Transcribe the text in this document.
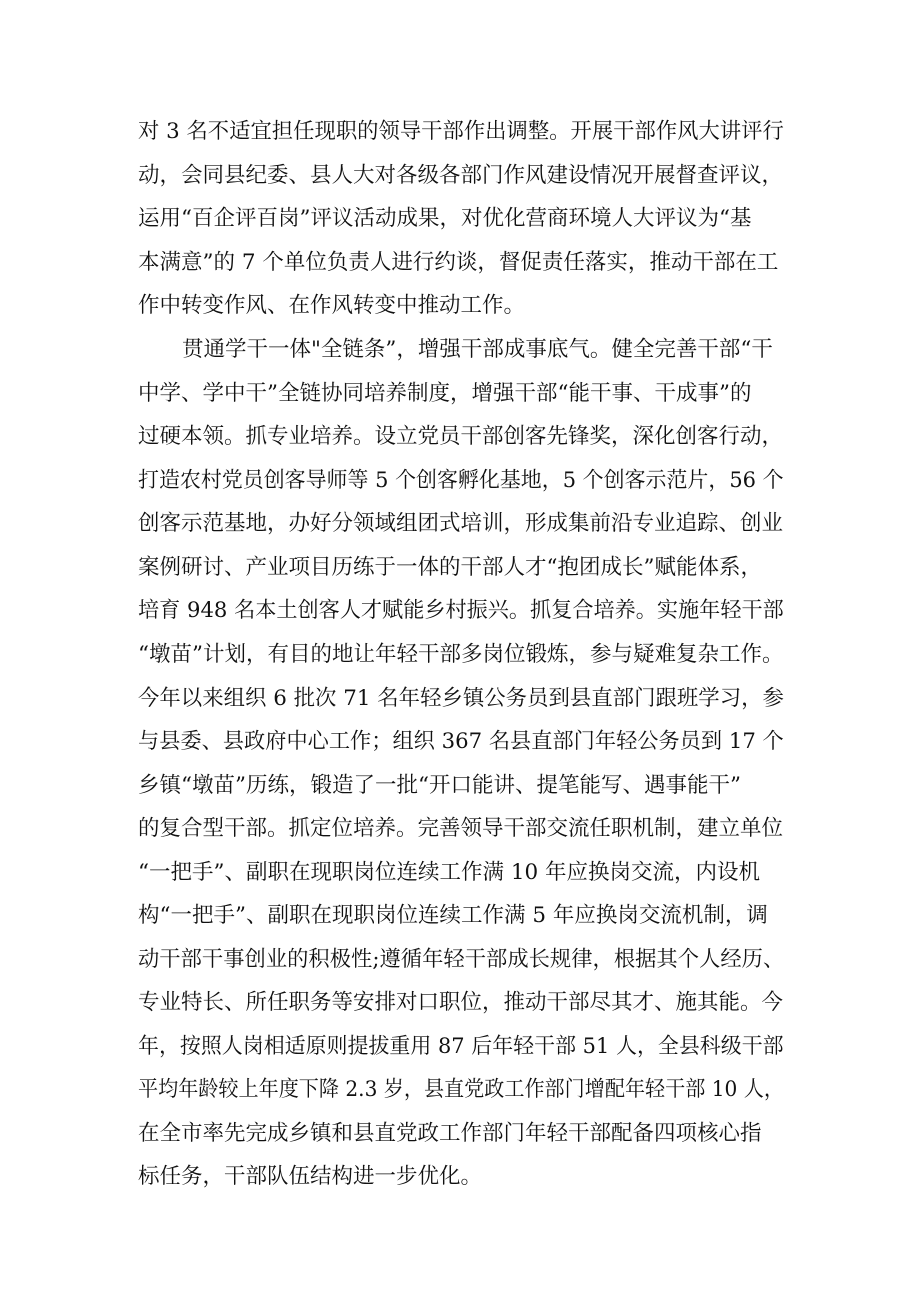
对 3 名不适宜担任现职的领导干部作出调整。开展干部作风大讲评行
动，会同县纪委、县人大对各级各部门作风建设情况开展督查评议，
运用“百企评百岗”评议活动成果，对优化营商环境人大评议为“基
本满意”的 7 个单位负责人进行约谈，督促责任落实，推动干部在工
作中转变作风、在作风转变中推动工作。
贯通学干一体"全链条”，增强干部成事底气。健全完善干部“干
中学、学中干”全链协同培养制度，增强干部“能干事、干成事”的
过硬本领。抓专业培养。设立党员干部创客先锋奖，深化创客行动，
打造农村党员创客导师等 5 个创客孵化基地，5 个创客示范片，56 个
创客示范基地，办好分领域组团式培训，形成集前沿专业追踪、创业
案例研讨、产业项目历练于一体的干部人才“抱团成长”赋能体系，
培育 948 名本土创客人才赋能乡村振兴。抓复合培养。实施年轻干部
“墩苗”计划，有目的地让年轻干部多岗位锻炼，参与疑难复杂工作。
今年以来组织 6 批次 71 名年轻乡镇公务员到县直部门跟班学习，参
与县委、县政府中心工作；组织 367 名县直部门年轻公务员到 17 个
乡镇“墩苗”历练，锻造了一批“开口能讲、提笔能写、遇事能干”
的复合型干部。抓定位培养。完善领导干部交流任职机制，建立单位
“一把手”、副职在现职岗位连续工作满 10 年应换岗交流，内设机
构“一把手”、副职在现职岗位连续工作满 5 年应换岗交流机制，调
动干部干事创业的积极性;遵循年轻干部成长规律，根据其个人经历、
专业特长、所任职务等安排对口职位，推动干部尽其才、施其能。今
年，按照人岗相适原则提拔重用 87 后年轻干部 51 人，全县科级干部
平均年龄较上年度下降 2.3 岁，县直党政工作部门增配年轻干部 10 人，
在全市率先完成乡镇和县直党政工作部门年轻干部配备四项核心指
标任务，干部队伍结构进一步优化。
